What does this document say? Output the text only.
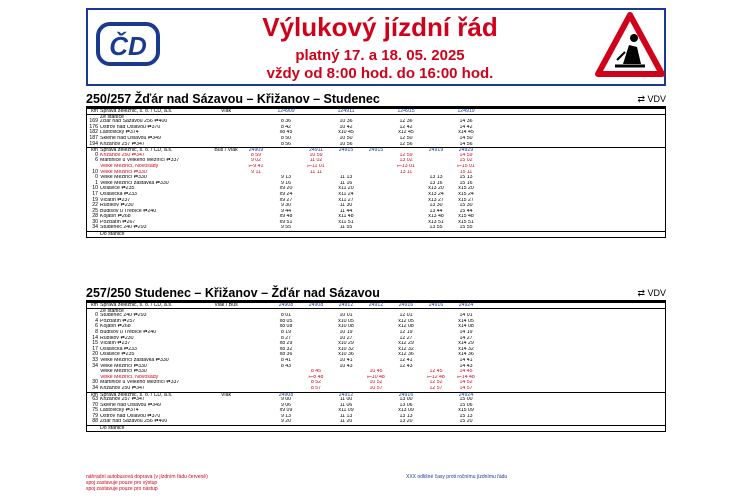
ČD
Výlukový jízdní řád
platný 17. a 18. 05. 2025
vždy od 8:00 hod. do 16:00 hod.
250/257 Žďár nad Sázavou – Křižanov – Studenec	⇄ VDV
km Správa železnic, s. o. / ČD, a.s.	Vlak	124909	124911	124915	124919
Ze stanice
169 Žďár nad Sázavou 256 ⇄400	8 36	10 36	12 36	14 36
176 Ostrov nad Oslavou ⇄370	8 42	10 42	12 42	14 42
182 Laštovičky ⇄374	x8 45	x10 45	x12 45	x14 45
187 Sklené nad Oslavou ⇄349	8 50	10 50	12 50	14 50
194 Křižanov 257 ⇄347	8 56	10 56	12 56	14 56
km Správa železnic, s. o. / ČD, a.s.	Bus / Vlak	24909	24911	24915	24915	24919	24929
0 Křižanov 250 ⇄347	8 59	10 59	12 59	14 59
6 Martinice u Velkého Meziříčí ⇄337	9 02	11 02	13 02	15 02
Velké Meziříčí, Novosady	⥖9 41	⥖11 01	⥖13 01	⥖15 01
10 Velké Meziříčí ⇄330	9 11	11 11	13 11	15 11
0 Velké Meziříčí ⇄330	9 13	11 13	13 13	15 13
1 Velké Meziříčí zastávka ⇄330	9 16	11 16	13 16	15 16
10 Oslavice ⇄235	x9 20	x11 20	x13 20	x15 20
17 Oslavička ⇄233	x9 24	x11 24	x13 24	x15 24
19 Vlčatín ⇄237	x9 27	x11 27	x13 27	x15 27
22 Rudíkov ⇄230	9 30	11 30	13 30	15 30
25 Budišov u Třebíče ⇄240	9 44	11 44	13 44	15 44
28 Kojatín ⇄268	x9 48	x11 48	x13 48	x15 48
30 Pozďatín ⇄267	x9 51	x11 51	x13 51	x15 51
34 Studenec 240 ⇄293	9 55	11 55	13 55	15 55
Do stanice
257/250 Studenec – Křižanov – Žďár nad Sázavou	⇄ VDV
km Správa železnic, s. o. / ČD, a.s.	Vlak / Bus	24908	24908	24912	24912	24916	24916	24924
Ze stanice
0 Studenec 240 ⇄293	8 01	10 01	12 01	14 01
4 Pozďatín ⇄257	x8 05	x10 05	x12 05	x14 05
6 Kojatín ⇄268	x8 08	x10 08	x12 08	x14 08
8 Budišov u Třebíče ⇄240	8 19	10 19	12 19	14 19
14 Rudíkov ⇄230	8 27	10 27	12 27	14 27
15 Vlčatín ⇄237	x8 29	x10 29	x12 29	x14 29
17 Oslavička ⇄233	x8 32	x10 32	x12 32	x14 32
20 Oslavice ⇄235	x8 36	x10 36	x12 36	x14 36
33 Velké Meziříčí zastávka ⇄330	8 41	10 41	12 41	14 41
34 Velké Meziříčí ⇄330	8 43	10 43	12 43	14 43
Velké Meziříčí ⇄330	8 45	10 45	12 45	14 45
Velké Meziříčí, Novosady	⥖8 48	⥖10 48	⥖12 48	⥖14 48
30 Martinice u Velkého Meziříčí ⇄337	8 52	10 52	12 52	14 52
34 Křižanov 250 ⇄347	8 57	10 57	12 57	14 57
km Správa železnic, s. o. / ČD, a.s.	Vlak	24908	24912	24916	24924
63 Křižanov 257 ⇄347	9 00	11 00	13 00	15 00
70 Sklené nad Oslavou ⇄349	9 06	11 06	13 06	15 06
75 Laštovičky ⇄374	x9 09	x11 09	x13 09	x15 09
79 Ostrov nad Oslavou ⇄370	9 13	11 13	13 13	15 13
88 Žďár nad Sázavou 256 ⇄400	9 20	11 20	13 20	15 20
Do stanice
náhradní autobusová doprava (v jízdním řádu červeně)
spoj zastavuje pouze pro výstup
spoj zastavuje pouze pro nástup
XXX odlišné časy proti ročnímu jízdnímu řádu
